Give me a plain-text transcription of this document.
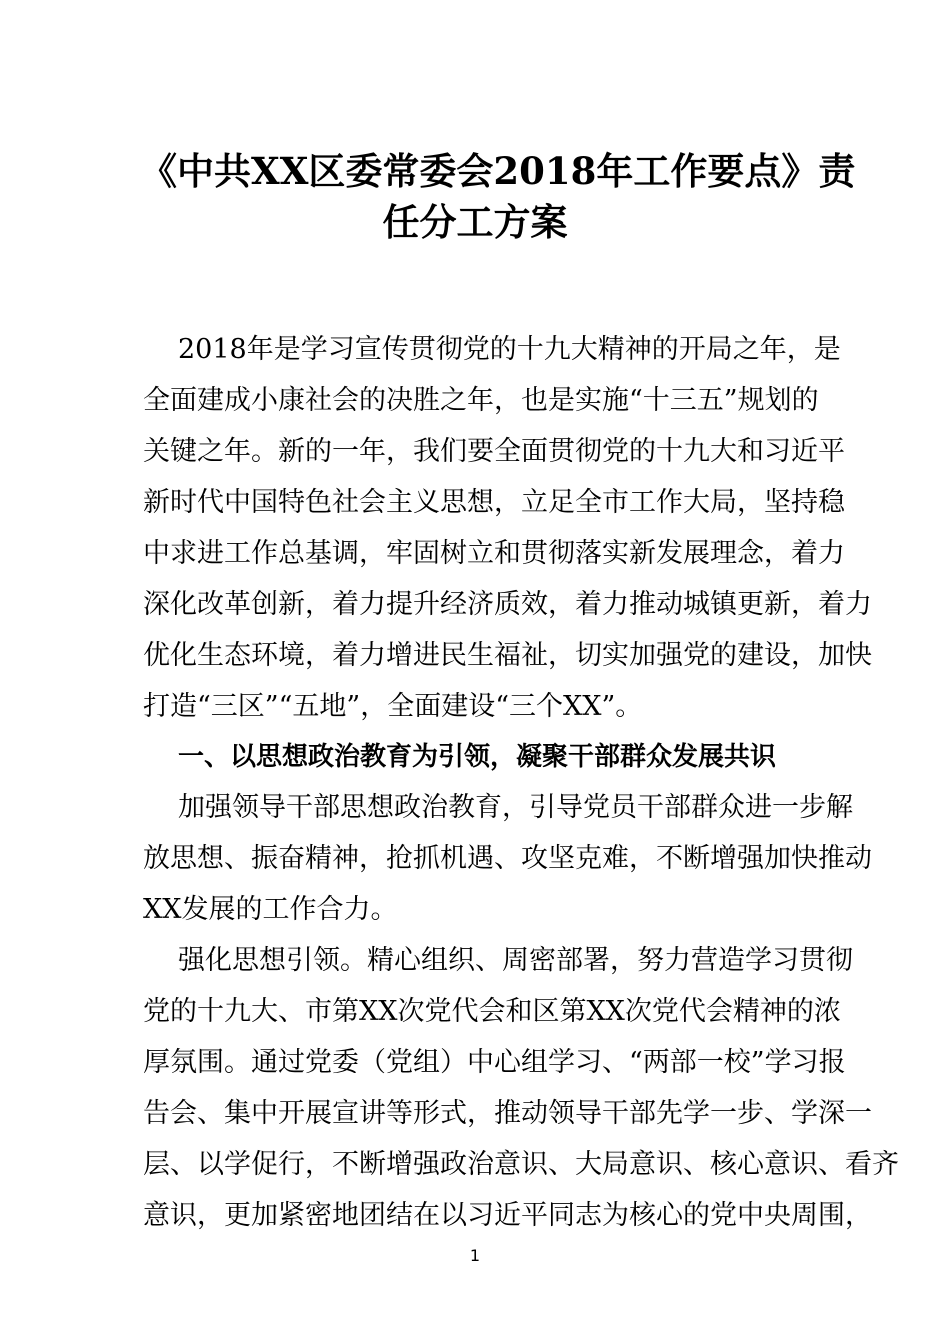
《中共XX区委常委会2018年工作要点》责
任分工方案
2018年是学习宣传贯彻党的十九大精神的开局之年，是
全面建成小康社会的决胜之年，也是实施“十三五”规划的
关键之年。新的一年，我们要全面贯彻党的十九大和习近平
新时代中国特色社会主义思想，立足全市工作大局，坚持稳
中求进工作总基调，牢固树立和贯彻落实新发展理念，着力
深化改革创新，着力提升经济质效，着力推动城镇更新，着力
优化生态环境，着力增进民生福祉，切实加强党的建设，加快
打造“三区”“五地”，全面建设“三个XX”。
一、以思想政治教育为引领，凝聚干部群众发展共识
加强领导干部思想政治教育，引导党员干部群众进一步解
放思想、振奋精神，抢抓机遇、攻坚克难，不断增强加快推动
XX发展的工作合力。
强化思想引领。精心组织、周密部署，努力营造学习贯彻
党的十九大、市第XX次党代会和区第XX次党代会精神的浓
厚氛围。通过党委（党组）中心组学习、“两部一校”学习报
告会、集中开展宣讲等形式，推动领导干部先学一步、学深一
层、以学促行，不断增强政治意识、大局意识、核心意识、看齐
意识，更加紧密地团结在以习近平同志为核心的党中央周围，
1
